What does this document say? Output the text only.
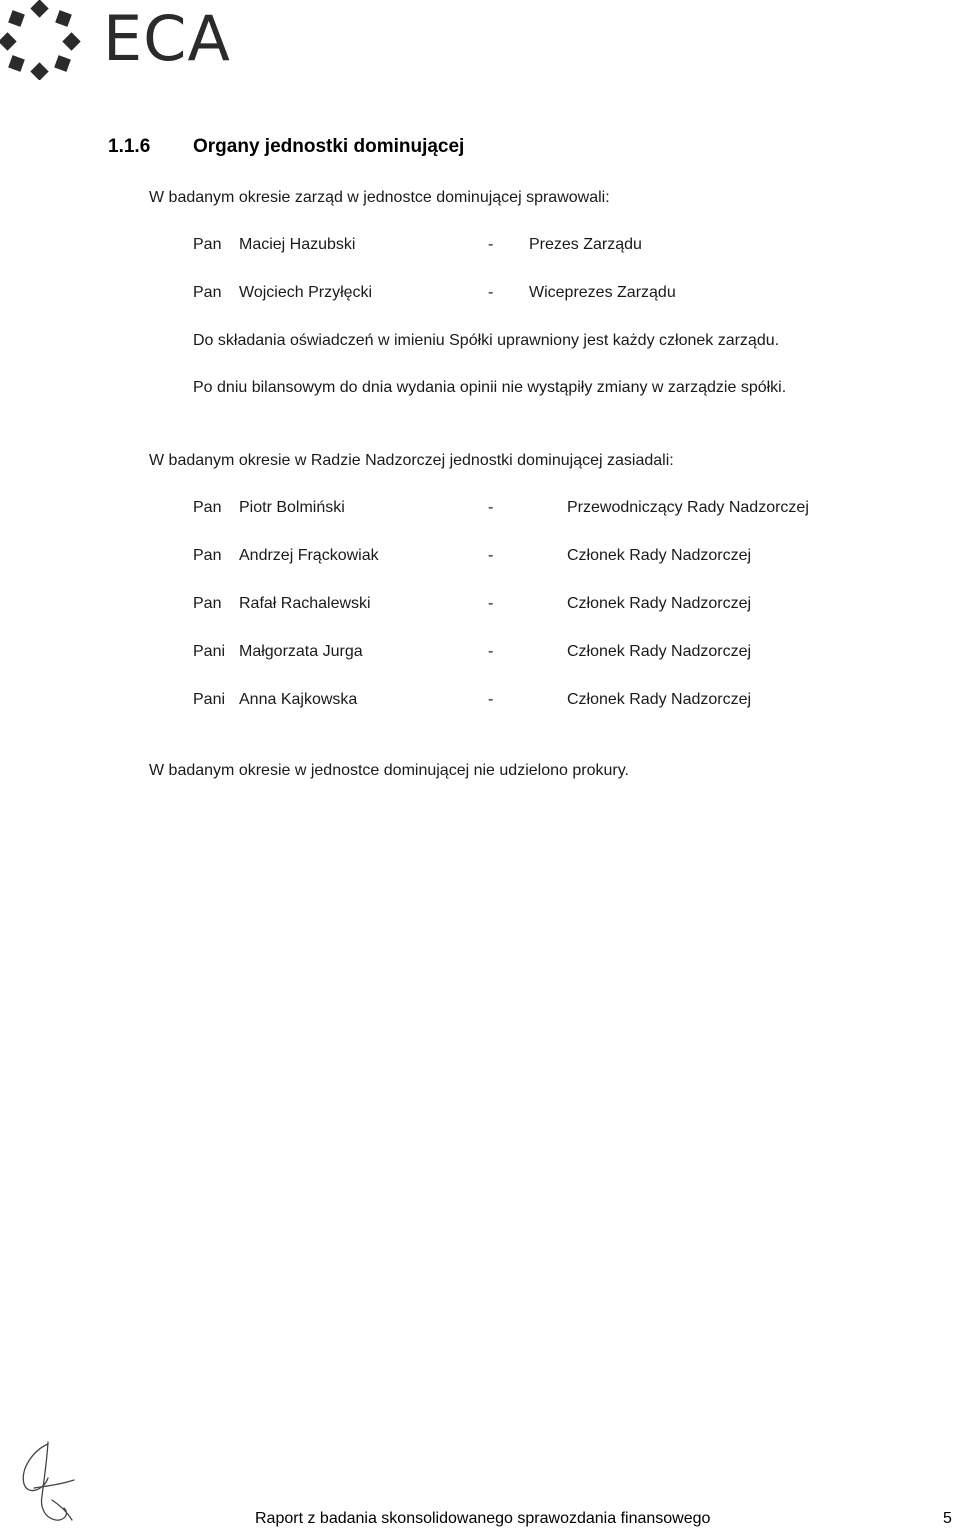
ECA
1.1.6 Organy jednostki dominującej
W badanym okresie zarząd w jednostce dominującej sprawowali:
Pan Maciej Hazubski	- Prezes Zarządu
Pan Wojciech Przyłęcki	- Wiceprezes Zarządu
Do składania oświadczeń w imieniu Spółki uprawniony jest każdy członek zarządu.
Po dniu bilansowym do dnia wydania opinii nie wystąpiły zmiany w zarządzie spółki.
W badanym okresie w Radzie Nadzorczej jednostki dominującej zasiadali:
Pan Piotr Bolmiński	-	Przewodniczący Rady Nadzorczej
Pan Andrzej Frąckowiak	-	Członek Rady Nadzorczej
Pan Rafał Rachalewski	-	Członek Rady Nadzorczej
Pani Małgorzata Jurga	-	Członek Rady Nadzorczej
Pani Anna Kajkowska	-	Członek Rady Nadzorczej
W badanym okresie w jednostce dominującej nie udzielono prokury.
Raport z badania skonsolidowanego sprawozdania finansowego	5
